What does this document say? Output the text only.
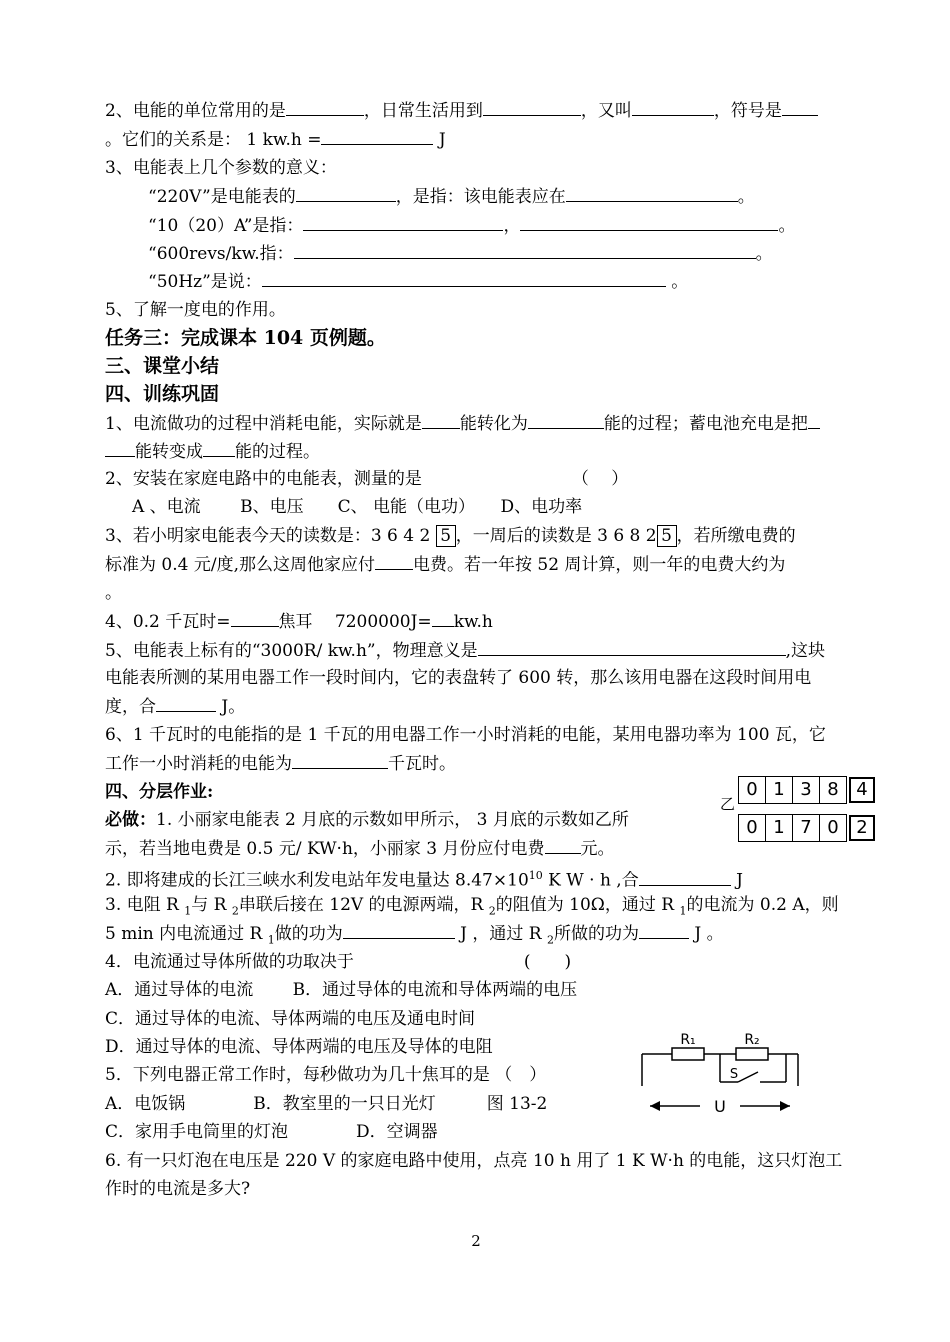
2、电能的单位常用的是	，日常生活用到	，又叫	，符号是
。它们的关系是： 1 kw.h =	J
3、电能表上几个参数的意义：
“220V”是电能表的	，是指：该电能表应在	。
“10（20）A”是指：	，	。
“600revs/kw.指：	。
“50Hz”是说：	。
5、了解一度电的作用。
任务三：完成课本 104 页例题。
三、课堂小结
四、训练巩固
1、电流做功的过程中消耗电能，实际就是 能转化为	能的过程；蓄电池充电是把
能转变成 能的过程。
2、安装在家庭电路中的电能表，测量的是	（　 ）
A 、电流　　 B、电压　　C、 电能（电功）　　D、电功率
3、若小明家电能表今天的读数是：3 6 4 2 5 ，一周后的读数是 3 6 8 2 5 ，若所缴电费的
标准为 0.4 元/度,那么这周他家应付 电费。若一年按 52 周计算，则一年的电费大约为
。
4、0.2 千瓦时=	焦耳　 7200000J= kw.h
5、电能表上标有的“3000R/ kw.h”，物理意义是	,这块
电能表所测的某用电器工作一段时间内，它的表盘转了 600 转，那么该用电器在这段时间用电
度，合	J。
6、1 千瓦时的电能指的是 1 千瓦的用电器工作一小时消耗的电能，某用电器功率为 100 瓦，它
工作一小时消耗的电能为	千瓦时。
四、分层作业:
乙
0 1 3 8 4
0 1 7 0 2
必做：1. 小丽家电能表 2 月底的示数如甲所示， 3 月底的示数如乙所
示，若当地电费是 0.5 元/ KW·h，小丽家 3 月份应付电费 元。
2. 即将建成的长江三峡水利发电站年发电量达 $8.47\times 10^{10}$ K W · h ,合	J
3. 电阻 R $_1$与 R $_2$串联后接在 12V 的电源两端，R $_2$的阻值为 10Ω，通过 R $_1$的电流为 0.2 A，则
5 min 内电流通过 R $_1$做的功为	J ，通过 R $_2$所做的功为	J 。
4．电流通过导体所做的功取决于	(　　)
A．通过导体的电流　　 B．通过导体的电流和导体两端的电压
C．通过导体的电流、导体两端的电压及通电时间
D．通过导体的电流、导体两端的电压及导体的电阻
5．下列电器正常工作时，每秒做功为几十焦耳的是 （　）
A．电饭锅　　　　B．教室里的一只日光灯　　　图 13-2
C．家用手电筒里的灯泡　　　　D．空调器
6. 有一只灯泡在电压是 220 V 的家庭电路中使用，点亮 10 h 用了 1 K W·h 的电能，这只灯泡工
作时的电流是多大?
R₁	R₂
S
U
2
